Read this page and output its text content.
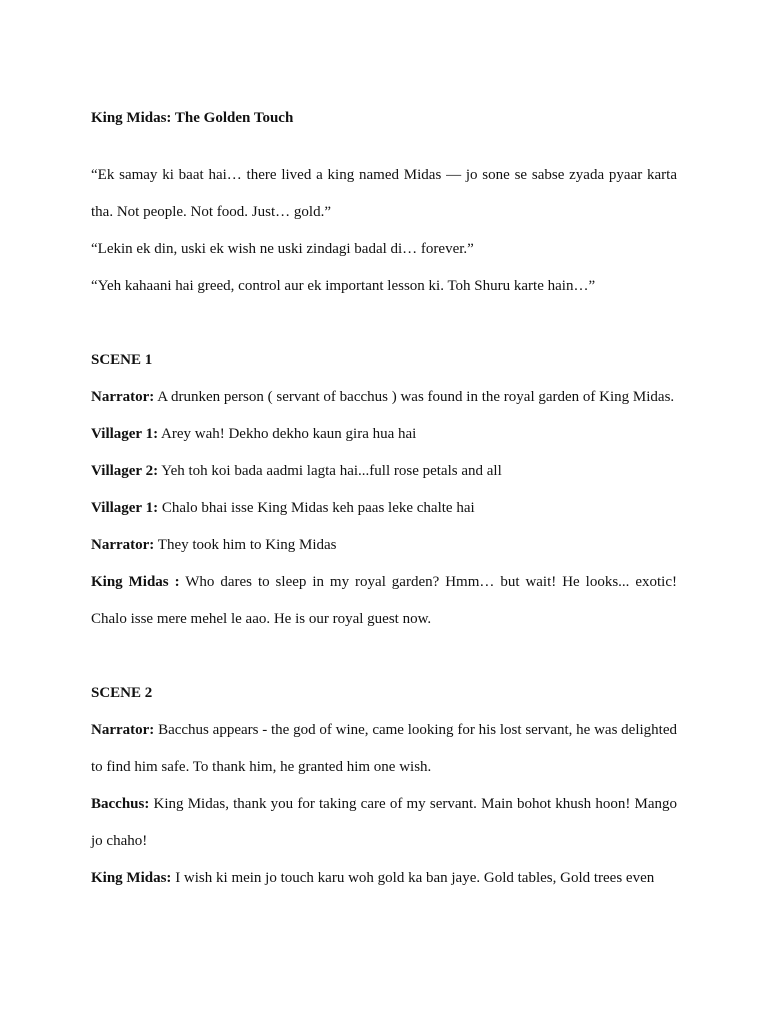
King Midas: The Golden Touch

“Ek samay ki baat hai… there lived a king named Midas — jo sone se sabse zyada pyaar karta tha. Not people. Not food. Just… gold.”

“Lekin ek din, uski ek wish ne uski zindagi badal di… forever.”

“Yeh kahaani hai greed, control aur ek important lesson ki. Toh Shuru karte hain…”

SCENE 1
Narrator: A drunken person ( servant of bacchus ) was found in the royal garden of King Midas.
Villager 1: Arey wah! Dekho dekho kaun gira hua hai
Villager 2: Yeh toh koi bada aadmi lagta hai...full rose petals and all
Villager 1: Chalo bhai isse King Midas keh paas leke chalte hai
Narrator: They took him to King Midas
King Midas : Who dares to sleep in my royal garden? Hmm… but wait! He looks... exotic! Chalo isse mere mehel le aao. He is our royal guest now.
SCENE 2
Narrator: Bacchus appears - the god of wine, came looking for his lost servant, he was delighted to find him safe. To thank him, he granted him one wish.
Bacchus: King Midas, thank you for taking care of my servant. Main bohot khush hoon! Mango jo chaho!
King Midas: I wish ki mein jo touch karu woh gold ka ban jaye. Gold tables, Gold trees even
